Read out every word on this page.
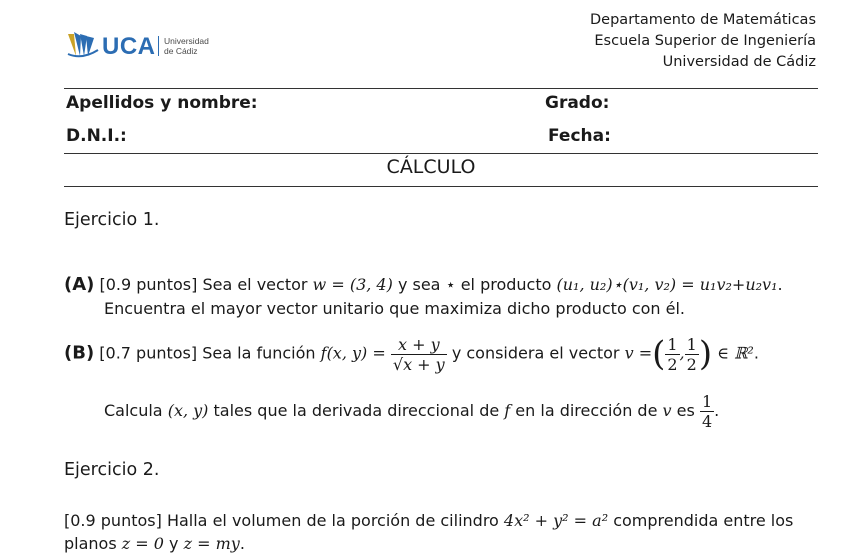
UCA Universidad
de Cádiz
Departamento de Matemáticas
Escuela Superior de Ingeniería
Universidad de Cádiz
Apellidos y nombre:	Grado:
D.N.I.:	Fecha:
CÁLCULO
Ejercicio 1.
(A) [0.9 puntos] Sea el vector w = (3, 4) y sea ⋆ el producto (u₁, u₂)⋆(v₁, v₂) = u₁v₂+u₂v₁.
Encuentra el mayor vector unitario que maximiza dicho producto con él.
(B) [0.7 puntos] Sea la función f(x, $y) = \frac{x + y}{√x + y}$ y considera el vector v =( $\frac{1}{2}$ , $\frac{1}{2}$ ) ∈ ℝ².
Calcula (x, y) tales que la derivada direccional de f en la dirección de v es $\frac{1}{4}$ .
Ejercicio 2.
[0.9 puntos] Halla el volumen de la porción de cilindro 4x² + y² = a² comprendida entre los
planos z = 0 y z = my.
